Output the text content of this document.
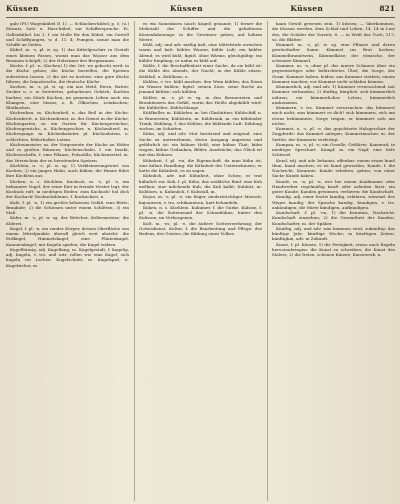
Küssen	Küssen	Küssen	821

gale (Pf.) Wagenkübel (f. 1). — Schlacken-kübel, p. 5, (u.) Einsatz, Salz- u. Harz-kübel; zur Schiffersprache. Ei, Gallenkübel. bis 1, f. ein Molle für den Kübel, ein Gestell und Schiffsjungen, w. d. 11. 4; Pumpen, nennt man die Schiffe an Seilen.

Kübel, m. -s, pl. w. sg. 1) das Kübelgeschirr in Gestalt eines kleinen Fasses, womit man das Wasser aus dem Brunnen schöpft; 2) der Holzeimer des Bergmannes.

Küche, f. pl. -n, (Kochen) 1) der Ort, wo gekocht wird: in die Küche gehen; die Küche bestellen, die Speisen zubereiten lassen; 2) die Art zu kochen: eine gute Küche führen; die französische, die deutsche Küche.

Kuchen, m. -s, pl. w. sg. ein aus Mehl, Eiern, Butter, Zucker u. s. w. bereitetes, gebackenes Gebäck; Kuchen backen; ein Stück Kuchen; im gemeinen Leben auch ein Klumpen, eine Masse, z. B. Ölkuchen, Leinkuchen; Blutkuchen.

Küchenbau, m. Küchenbeil, n. das Beil in der Küche. Küchenbrett, n. Küchendienst, m. der Dienst in der Küche; Küchengarten, m. ein Garten für Küchengewächse; Küchengewächs, n. Küchengeschirr, n. Küchenherd, m. Küchenjunge, m. Küchenkräuter, pl. Küchenlatein, n. schlechtes, fehlerhaftes Latein.

Küchenmeister, m. der Vorgesetzte der Küche an Höfen und in großen Häusern; Küchenschabe, f. ein Insekt; Küchenschelle, f. eine Pflanze, Pulsatilla; Küchenzettel, m. das Verzeichnis der zu bereitenden Speisen.

Küchlein, n. -s, pl. w. sg. 1) Verkleinerungswort von Kuchen; 2) ein junges Huhn, auch Küken; die Henne führt ihre Küchlein aus.

Kücken, n. s. Küchlein. Kuckuck, m. -s, pl. -e, ein bekannter Vogel, der seine Eier in fremde Nester legt; der Kuckuck ruft; in niedrigen Reden: zum Kuckuck! hol dich der Kuckuck! Kuckucksblume, f. Kuckucksei, n.

Kufe, f. pl. -n, 1) ein großes hölzernes Gefäß, eine Bütte; Braukufe; 2) die Schienen unter einem Schlitten; 3) ein Maß.

Küfer, m. -s, pl. w. sg. der Böttcher, Kellermeister; die Küferei.

Kugel, f. pl. -n, ein runder Körper, dessen Oberfläche von einem Mittelpunkte überall gleich weit absteht: die Erdkugel, Himmelskugel; eine Flintenkugel, Kanonenkugel; mit Kugeln spielen; die Kugel wälzen.

Kugelförmig, adj. Kugelfang, m. Kugelgestalt, f. kugelig, adj. kugeln, v. trs. und intr. rollen wie eine Kugel; sich kugeln vor Lachen. Kugelschnitt, m. Kugelspiel, n. Kugelzieher, m.

es ein Samenkorn (auch Kugel) genannt; 1) ferner die Mehrzahl der Schiffer und die gehaltenen Küstenfahrzeuge; in die Gewässer gehen; auf hohem Meere.

Kühl, adj. und adv. mäßig kalt, eine Mittelstufe zwischen warm und kalt: kühles Wasser, kühle Luft; ein kühler Abend; es wird kühl; figürl. ohne Wärme, gleichgültig: ein kühler Empfang; er nahm es kühl auf.

Kühle, f. die Beschaffenheit einer Sache, da sie kühl ist: die Kühle des Abends, der Nacht; in der Kühle sitzen; Kühlfaß, n. Kühlhaus, n.

Kühlen, v. trs. kühl machen: den Wein kühlen; das Eisen im Wasser kühlen; figürl. seinen Zorn, seine Rache an jemand kühlen; sich kühlen.

Kühler, m. -s, pl. w. sg. in den Brennereien und Brauhäusern das Gefäß, worin das Heiße abgekühlt wird; die Kühlröhre, Kühlschlange.

Kühlkeller, m. Kühlofen, m. bei Glashütten; Kühlschiff, n. in Brauereien; Kühlstein, m. Kühltrank, m. ein kühlender Trank; Kühlung, f. das Kühlen; die kühlende Luft: Kühlung suchen, im Schatten.

Kühn, adj. und adv. Mut besitzend und zeigend, eine Sache zu unternehmen, deren Ausgang ungewiss und gefährlich ist: ein kühner Held; eine kühne That; kühn wagen; kühne Gedanken, Bilder, Ausdrücke; das Glück ist mit den Kühnen.

Kühnheit, f. pl. -en, die Eigenschaft, da man kühn ist; eine kühne Handlung: die Kühnheit des Unternehmens; er hatte die Kühnheit, es zu sagen.

Kühnlich, adv. mit Kühnheit, ohne Scheu; er trat kühnlich vor. Kuh, f. pl. Kühe, das weibliche Rind: eine Kuh melken; eine milchende Kuh; die Kuh kalbt; Kuhhirt, m. Kuhhorn, n. Kuhmilch, f. Kuhstall, m.

Kujon, m. -s, pl. -e, ein feiger, niederträchtiger Mensch; kujonieren, v. trs. schikanieren, hart behandeln.

Küken, n. s. Küchlein. Kukumer, f. die Gurke. Kulisse, f. pl. -n, die Seitenwand der Schaubühne; hinter den Kulissen, im Verborgenen.

Kult, m. -es, pl. -e, die äußere Gottesverehrung; der Gottesdienst. Kultur, f. die Bearbeitung und Pflege: des Bodens, des Geistes; die Bildung eines Volkes.

kann Gewiß gewesen sein, 1) küssen; — überkommen, die Küssen werden, dem Schlaf und Leben, 14, 14 in Lust des, die Schüler der Vorzeit; 8, — in Weiß das Tuch, 117; so, die Blätter.

Kümmel, m. -s, pl. w. sg. eine Pflanze und deren gewürzhafter Same: Kümmel ins Brot backen; Kümmelbranntwein, Kümmelkäse; der römische, der schwarze Kümmel.

Kummer, m. -s, ohne pl. der innere Schmerz über ein gegenwärtiges oder befürchtetes Übel; die Sorge, der Gram: Kummer haben, leiden; aus Kummer sterben; einem Kummer machen; vor Kummer nicht schlafen können.

Kümmerlich, adj. und adv. 1) Kummer verursachend, mit Kummer verbunden; 2) dürftig, kärglich: sich kümmerlich nähren; ein kümmerliches Leben; kümmerlich auskommen.

Kümmern, v. trs. Kummer verursachen: das kümmert mich nicht; was kümmert es dich? sich kümmern, sich um etwas bekümmern, Sorge tragen: er kümmert sich um nichts.

Kummet, n. -s, pl. -e, das gepolsterte Halsgeschirr der Zugpferde: das Kummet anlegen; Kummetmacher, m. der Sattler, der Kummete verfertigt.

Kumpan, m. -s, pl. -e, ein Geselle, Gefährte, Kamerad; in niedriger Sprechart. Kumpf, m. ein Napf, eine tiefe Schüssel.

Kund, adj. und adv. bekannt, offenbar: einem etwas kund thun, kund machen; es ist kund geworden; Kunde, f. die Nachricht, Kenntnis: Kunde erhalten, geben; von einer Sache Kunde haben.

Kunde, m. -n, pl. -n, wer bei einem Kaufmanne oder Handwerker regelmäßig kauft oder arbeiten lässt: ein guter Kunde; Kunden gewinnen, verlieren; die Kundschaft.

Kundig, adj. einer Sache kundig, erfahren, wissend: des Weges kundig; der Sprache kundig. Kundigen, v. trs. ankündigen; die Miete kündigen, aufkündigen.

Kundschaft, f. pl. -en, 1) die Kenntnis, Nachricht: Kundschaft einziehen; 2) die Gesamtheit der Kunden; Kundschafter, m. der Späher.

Künftig, adj. und adv. was kommen wird, zukünftig: das künftige Jahr; künftige Woche; in künftigen Zeiten; künftighin, adv. in Zukunft.

Kunst, f. pl. Künste, 1) die Fertigkeit, etwas nach Regeln hervorzubringen: die Kunst zu schreiben; die Kunst des Malers; 2) die freien, schönen Künste; Kunstwerk, n.
